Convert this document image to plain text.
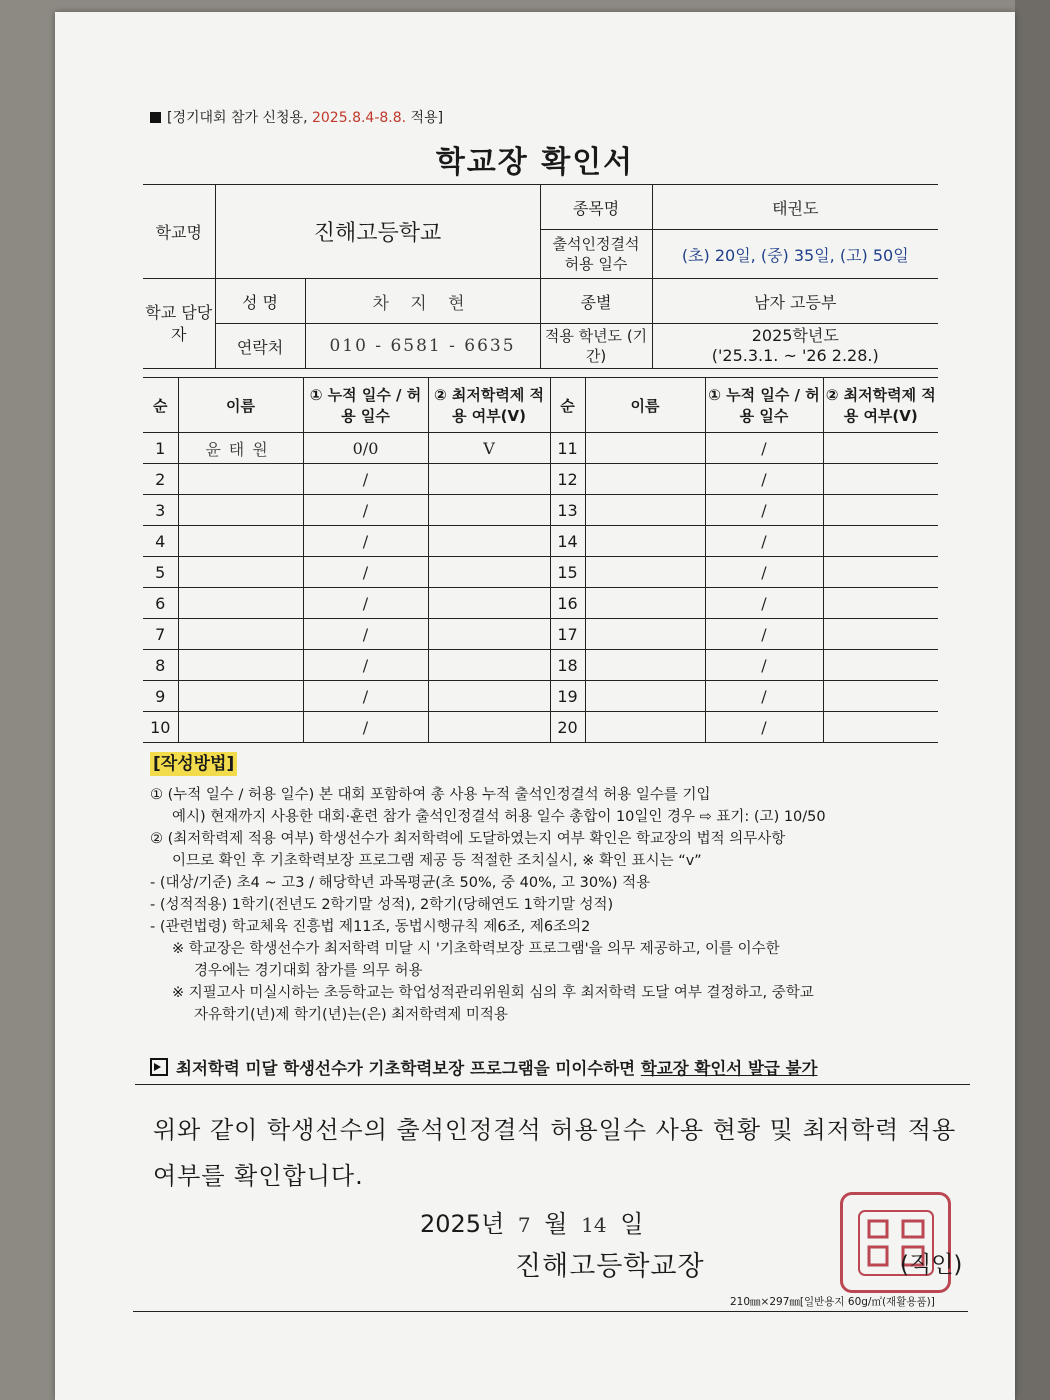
[경기대회 참가 신청용, 2025.8.4-8.8. 적용]
학교장 확인서
학교명	진해고등학교		종목명	태권도
			출석인정결석 허용 일수	(초) 20일, (중) 35일, (고) 50일
학교 담당자	성 명	차 지 현	종별	남자 고등부
	연락처	010 - 6581 - 6635	적용 학년도 (기간)	2025학년도
('25.3.1. ~ '26 2.28.)
순	이름	① 누적 일수 / 허용 일수	② 최저학력제 적용 여부(V)	순	이름	① 누적 일수 / 허용 일수	② 최저학력제 적용 여부(V)
1	윤태원	0/0	V	11		/	
2		/		12		/	
3		/		13		/	
4		/		14		/	
5		/		15		/	
6		/		16		/	
7		/		17		/	
8		/		18		/	
9		/		19		/	
10		/		20		/	
[작성방법]

① (누적 일수 / 허용 일수) 본 대회 포함하여 총 사용 누적 출석인정결석 허용 일수를 기입

예시) 현재까지 사용한 대회·훈련 참가 출석인정결석 허용 일수 총합이 10일인 경우 ⇨ 표기: (고) 10/50

② (최저학력제 적용 여부) 학생선수가 최저학력에 도달하였는지 여부 확인은 학교장의 법적 의무사항

이므로 확인 후 기초학력보장 프로그램 제공 등 적절한 조치실시, ※ 확인 표시는 “v”

- (대상/기준) 초4 ~ 고3 / 해당학년 과목평균(초 50%, 중 40%, 고 30%) 적용

- (성적적용) 1학기(전년도 2학기말 성적), 2학기(당해연도 1학기말 성적)

- (관련법령) 학교체육 진흥법 제11조, 동법시행규칙 제6조, 제6조의2

※ 학교장은 학생선수가 최저학력 미달 시 '기초학력보장 프로그램'을 의무 제공하고, 이를 이수한

경우에는 경기대회 참가를 의무 허용

※ 지필고사 미실시하는 초등학교는 학업성적관리위원회 심의 후 최저학력 도달 여부 결정하고, 중학교

자유학기(년)제 학기(년)는(은) 최저학력제 미적용

최저학력 미달 학생선수가 기초학력보장 프로그램을 미이수하면 학교장 확인서 발급 불가
위와 같이 학생선수의 출석인정결석 허용일수 사용 현황 및 최저학력 적용 여부를 확인합니다.
2025년 7 월 14 일
진해고등학교장	(직인)
210㎜×297㎜[일반용지 60g/㎡(재활용품)]
